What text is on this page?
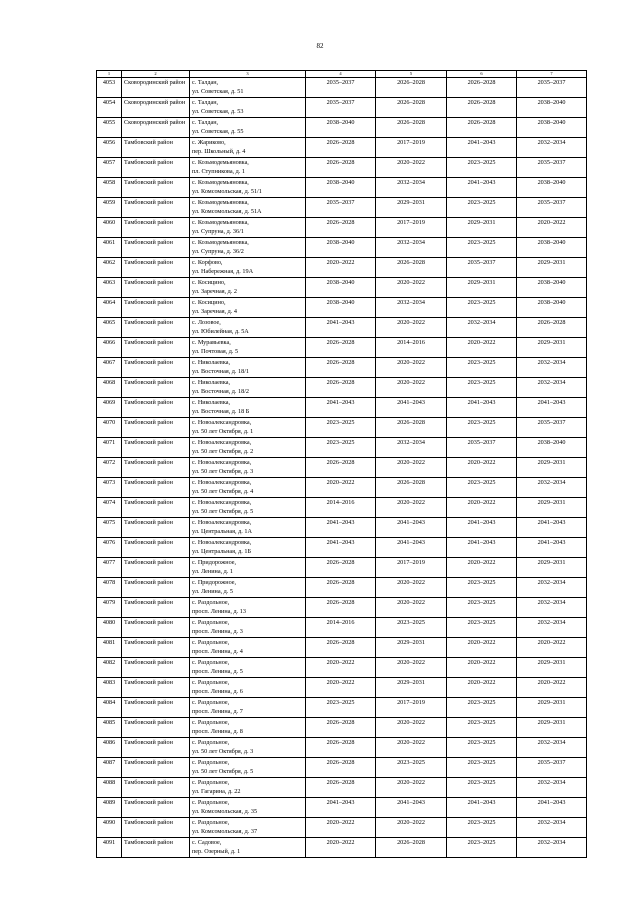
82
1	2	3	4	5	6	7
4053	Сковородинский район	с. Талдан,
ул. Советская, д. 51	2035–2037	2026–2028	2026–2028	2035–2037
4054	Сковородинский район	с. Талдан,
ул. Советская, д. 53	2035–2037	2026–2028	2026–2028	2038–2040
4055	Сковородинский район	с. Талдан,
ул. Советская, д. 55	2038–2040	2026–2028	2026–2028	2038–2040
4056	Тамбовский район	с. Жариково,
пер. Школьный, д. 4	2026–2028	2017–2019	2041–2043	2032–2034
4057	Тамбовский район	с. Козьмодемьяновка,
пл. Ступникова, д. 1	2026–2028	2020–2022	2023–2025	2035–2037
4058	Тамбовский район	с. Козьмодемьяновка,
ул. Комсомольская, д. 51/1	2038–2040	2032–2034	2041–2043	2038–2040
4059	Тамбовский район	с. Козьмодемьяновка,
ул. Комсомольская, д. 51А	2035–2037	2029–2031	2023–2025	2035–2037
4060	Тамбовский район	с. Козьмодемьяновка,
ул. Супруна, д. 36/1	2026–2028	2017–2019	2029–2031	2020–2022
4061	Тамбовский район	с. Козьмодемьяновка,
ул. Супруна, д. 36/2	2038–2040	2032–2034	2023–2025	2038–2040
4062	Тамбовский район	с. Корфово,
ул. Набережная, д. 19А	2020–2022	2026–2028	2035–2037	2029–2031
4063	Тамбовский район	с. Косицино,
ул. Заречная, д. 2	2038–2040	2020–2022	2029–2031	2038–2040
4064	Тамбовский район	с. Косицино,
ул. Заречная, д. 4	2038–2040	2032–2034	2023–2025	2038–2040
4065	Тамбовский район	с. Лозовое,
ул. Юбилейная, д. 5А	2041–2043	2020–2022	2032–2034	2026–2028
4066	Тамбовский район	с. Муравьевка,
ул. Почтовая, д. 5	2026–2028	2014–2016	2020–2022	2029–2031
4067	Тамбовский район	с. Николаевка,
ул. Восточная, д. 18/1	2026–2028	2020–2022	2023–2025	2032–2034
4068	Тамбовский район	с. Николаевка,
ул. Восточная, д. 18/2	2026–2028	2020–2022	2023–2025	2032–2034
4069	Тамбовский район	с. Николаевка,
ул. Восточная, д. 18 Б	2041–2043	2041–2043	2041–2043	2041–2043
4070	Тамбовский район	с. Новоалександровка,
ул. 50 лет Октября, д. 1	2023–2025	2026–2028	2023–2025	2035–2037
4071	Тамбовский район	с. Новоалександровка,
ул. 50 лет Октября, д. 2	2023–2025	2032–2034	2035–2037	2038–2040
4072	Тамбовский район	с. Новоалександровка,
ул. 50 лет Октября, д. 3	2026–2028	2020–2022	2020–2022	2029–2031
4073	Тамбовский район	с. Новоалександровка,
ул. 50 лет Октября, д. 4	2020–2022	2026–2028	2023–2025	2032–2034
4074	Тамбовский район	с. Новоалександровка,
ул. 50 лет Октября, д. 5	2014–2016	2020–2022	2020–2022	2029–2031
4075	Тамбовский район	с. Новоалександровка,
ул. Центральная, д. 1А	2041–2043	2041–2043	2041–2043	2041–2043
4076	Тамбовский район	с. Новоалександровка,
ул. Центральная, д. 1Б	2041–2043	2041–2043	2041–2043	2041–2043
4077	Тамбовский район	с. Придорожное,
ул. Ленина, д. 1	2026–2028	2017–2019	2020–2022	2029–2031
4078	Тамбовский район	с. Придорожное,
ул. Ленина, д. 5	2026–2028	2020–2022	2023–2025	2032–2034
4079	Тамбовский район	с. Раздольное,
просп. Ленина, д. 13	2026–2028	2020–2022	2023–2025	2032–2034
4080	Тамбовский район	с. Раздольное,
просп. Ленина, д. 3	2014–2016	2023–2025	2023–2025	2032–2034
4081	Тамбовский район	с. Раздольное,
просп. Ленина, д. 4	2026–2028	2029–2031	2020–2022	2020–2022
4082	Тамбовский район	с. Раздольное,
просп. Ленина, д. 5	2020–2022	2020–2022	2020–2022	2029–2031
4083	Тамбовский район	с. Раздольное,
просп. Ленина, д. 6	2020–2022	2029–2031	2020–2022	2020–2022
4084	Тамбовский район	с. Раздольное,
просп. Ленина, д. 7	2023–2025	2017–2019	2023–2025	2029–2031
4085	Тамбовский район	с. Раздольное,
просп. Ленина, д. 8	2026–2028	2020–2022	2023–2025	2029–2031
4086	Тамбовский район	с. Раздольное,
ул. 50 лет Октября, д. 3	2026–2028	2020–2022	2023–2025	2032–2034
4087	Тамбовский район	с. Раздольное,
ул. 50 лет Октября, д. 5	2026–2028	2023–2025	2023–2025	2035–2037
4088	Тамбовский район	с. Раздольное,
ул. Гагарина, д. 22	2026–2028	2020–2022	2023–2025	2032–2034
4089	Тамбовский район	с. Раздольное,
ул. Комсомольская, д. 35	2041–2043	2041–2043	2041–2043	2041–2043
4090	Тамбовский район	с. Раздольное,
ул. Комсомольская, д. 37	2020–2022	2020–2022	2023–2025	2032–2034
4091	Тамбовский район	с. Садовое,
пер. Озерный, д. 1	2020–2022	2026–2028	2023–2025	2032–2034
